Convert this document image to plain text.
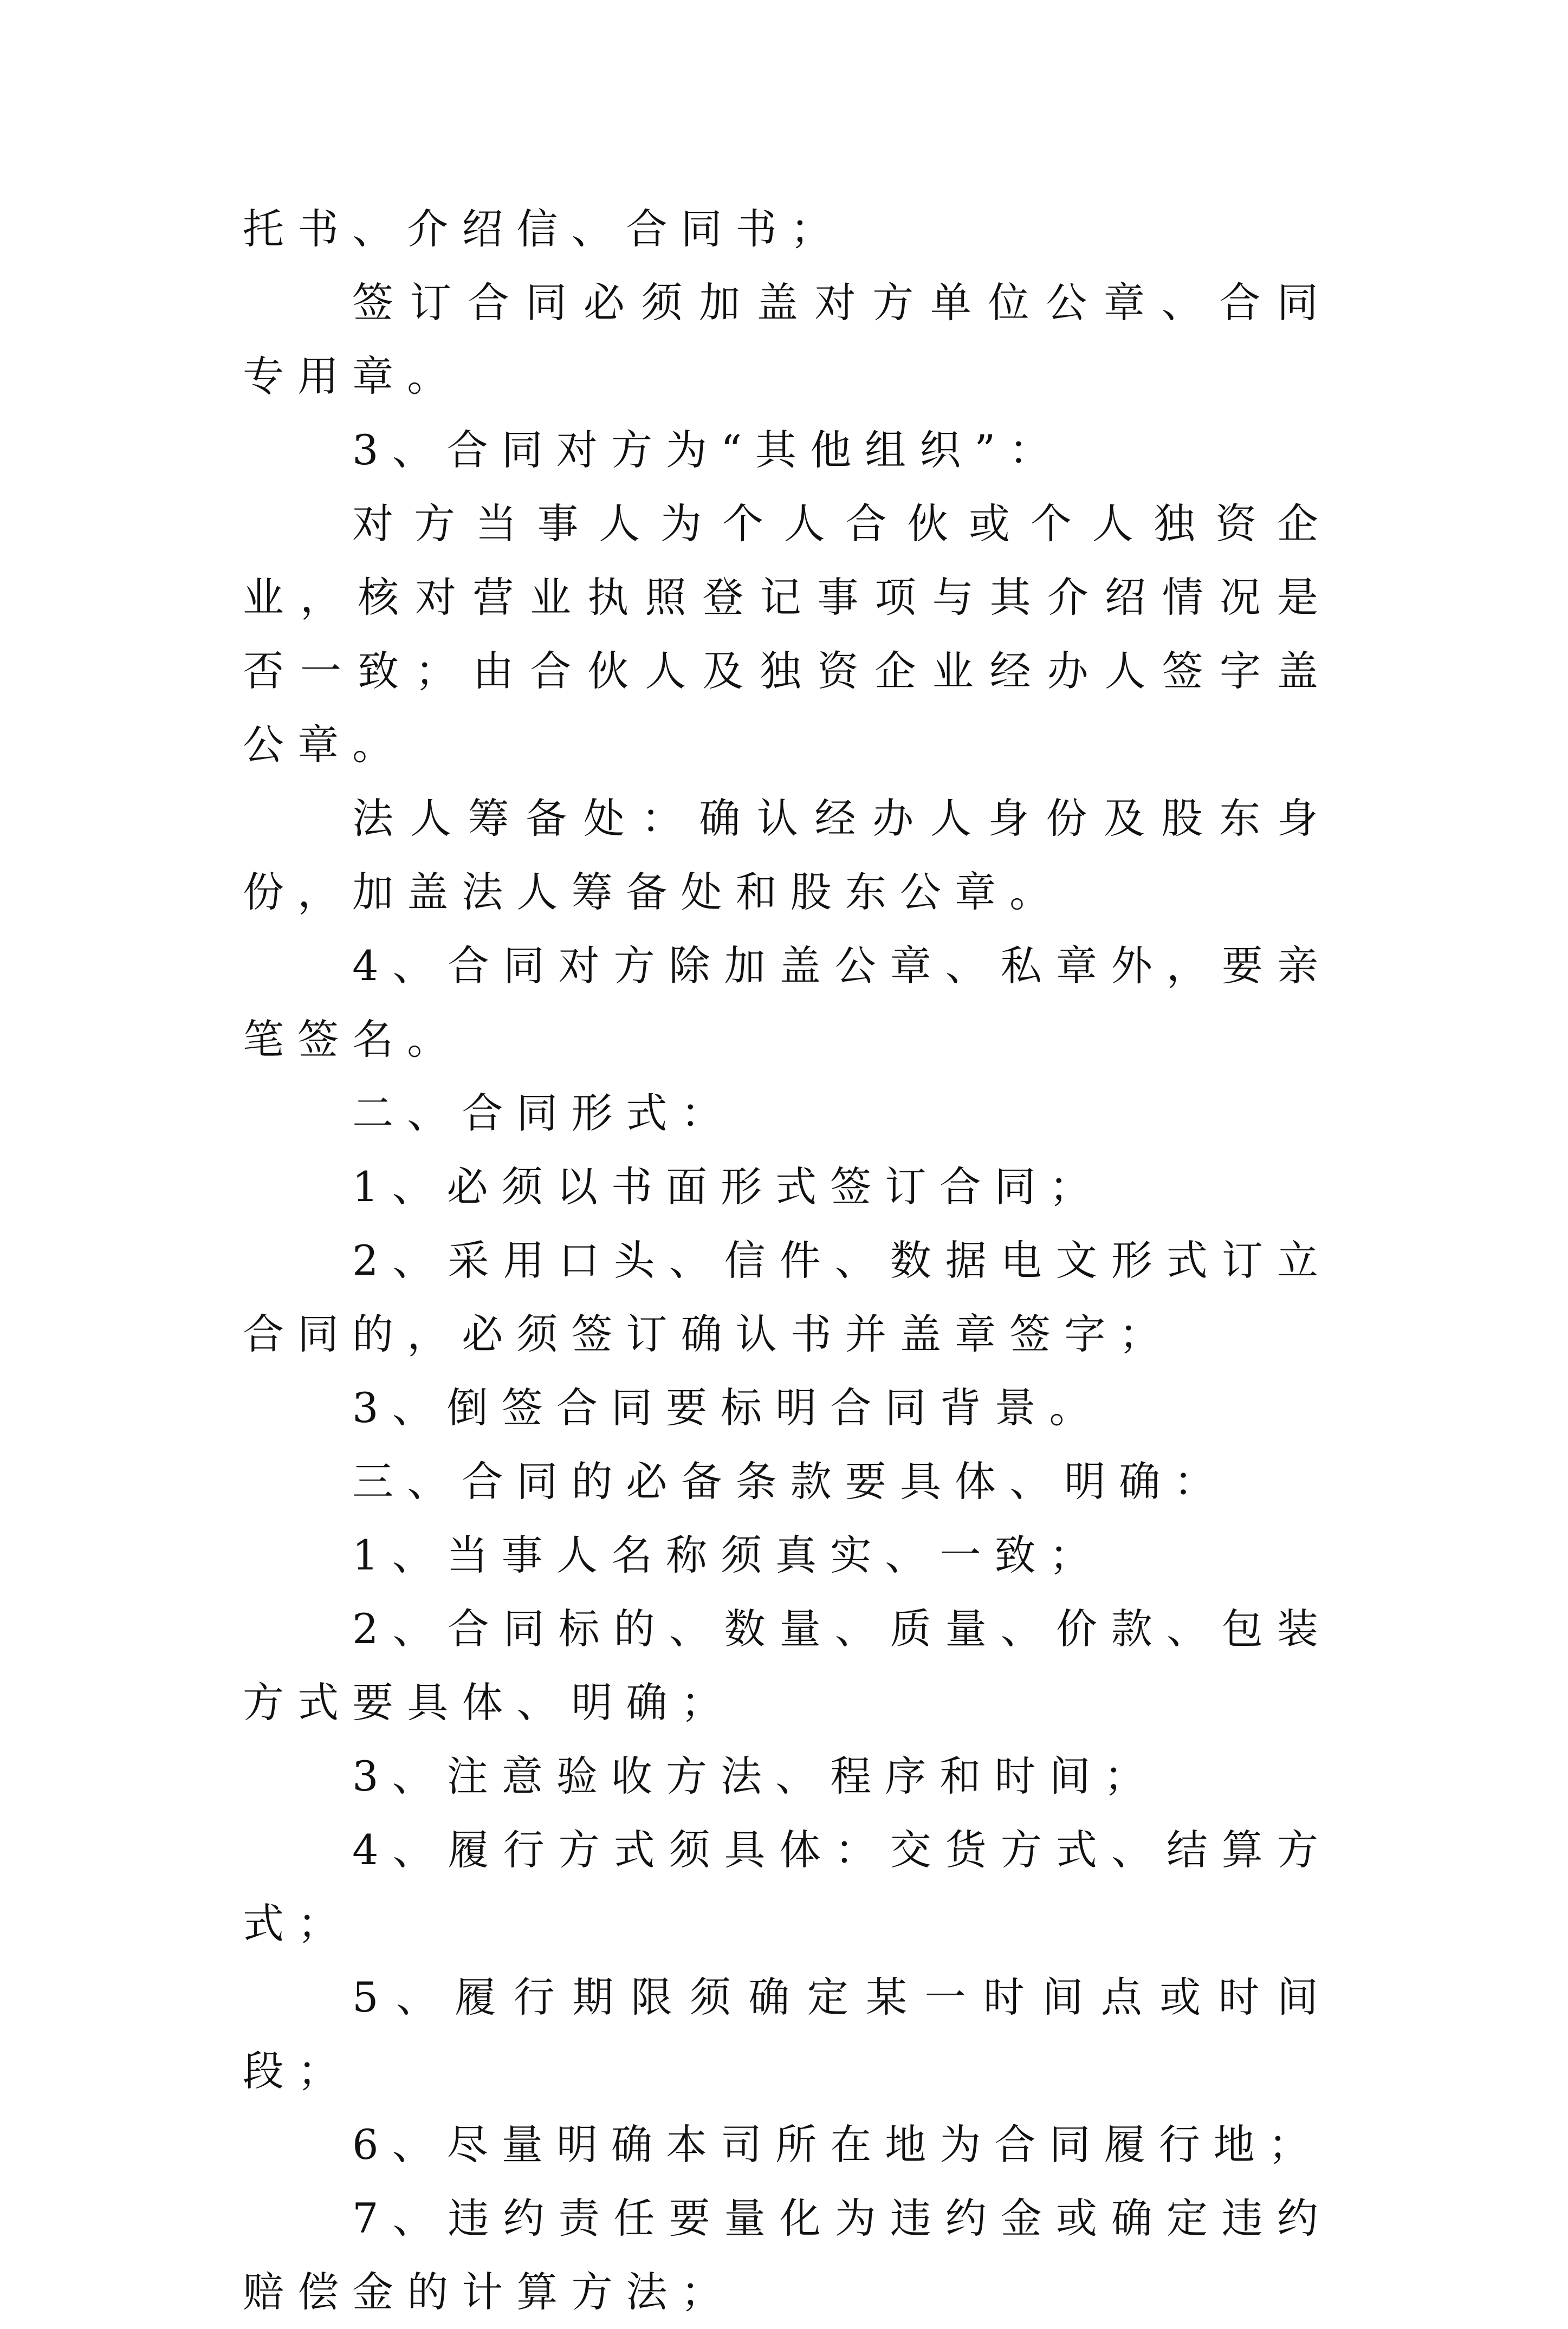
托书、介绍信、合同书；

签订合同必须加盖对方单位公章、合同专用章。

3、合同对方为“其他组织”：

对方当事人为个人合伙或个人独资企业，核对营业执照登记事项与其介绍情况是否一致；由合伙人及独资企业经办人签字盖公章。

法人筹备处：确认经办人身份及股东身份，加盖法人筹备处和股东公章。

4、合同对方除加盖公章、私章外，要亲笔签名。

二、合同形式：

1、必须以书面形式签订合同；

2、采用口头、信件、数据电文形式订立合同的，必须签订确认书并盖章签字；

3、倒签合同要标明合同背景。

三、合同的必备条款要具体、明确：

1、当事人名称须真实、一致；

2、合同标的、数量、质量、价款、包装方式要具体、明确；

3、注意验收方法、程序和时间；

4、履行方式须具体：交货方式、结算方式；

5、履行期限须确定某一时间点或时间段；

6、尽量明确本司所在地为合同履行地；

7、违约责任要量化为违约金或确定违约赔偿金的计算方法；
